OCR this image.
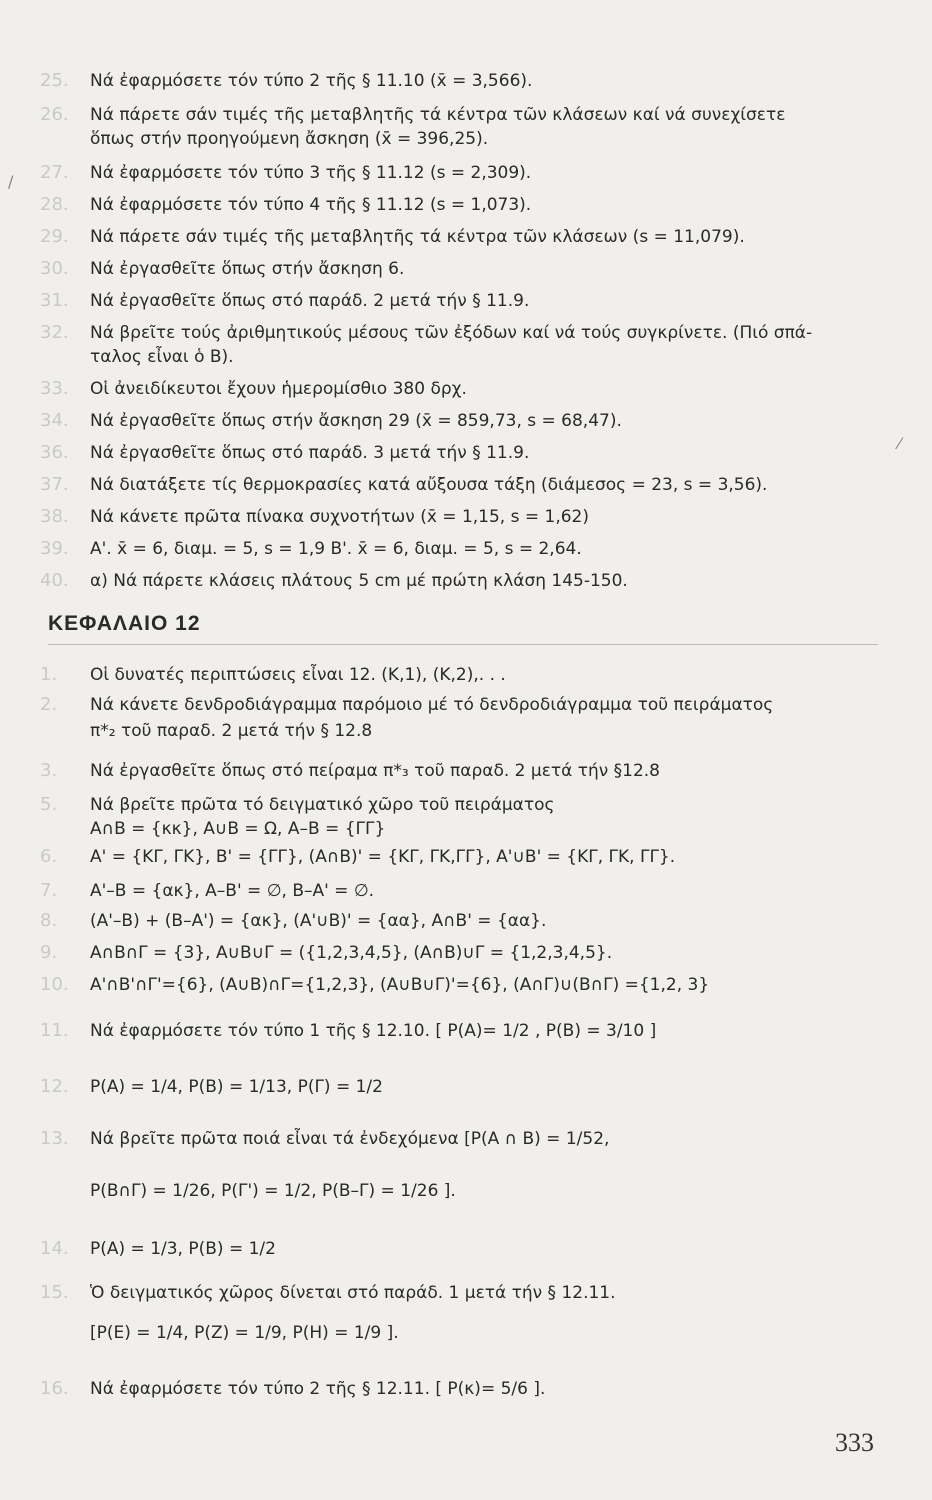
25.	Νά ἐφαρμόσετε τόν τύπο 2 τῆς § 11.10 (x̄ = 3,566).
26.	Νά πάρετε σάν τιμές τῆς μεταβλητῆς τά κέντρα τῶν κλάσεων καί νά συνεχίσετε
ὅπως στήν προηγούμενη ἄσκηση (x̄ = 396,25).
27.	Νά ἐφαρμόσετε τόν τύπο 3 τῆς § 11.12 (s = 2,309).
28.	Νά ἐφαρμόσετε τόν τύπο 4 τῆς § 11.12 (s = 1,073).
29.	Νά πάρετε σάν τιμές τῆς μεταβλητῆς τά κέντρα τῶν κλάσεων (s = 11,079).
30.	Νά ἐργασθεῖτε ὅπως στήν ἄσκηση 6.
31.	Νά ἐργασθεῖτε ὅπως στό παράδ. 2 μετά τήν § 11.9.
32.	Νά βρεῖτε τούς ἀριθμητικούς μέσους τῶν ἐξόδων καί νά τούς συγκρίνετε. (Πιό σπά-
ταλος εἶναι ὁ Β).
33.	Οἱ ἀνειδίκευτοι ἔχουν ἡμερομίσθιο 380 δρχ.
34.	Νά ἐργασθεῖτε ὅπως στήν ἄσκηση 29 (x̄ = 859,73, s = 68,47).
36.	Νά ἐργασθεῖτε ὅπως στό παράδ. 3 μετά τήν § 11.9.
37.	Νά διατάξετε τίς θερμοκρασίες κατά αὔξουσα τάξη (διάμεσος = 23, s = 3,56).
38.	Νά κάνετε πρῶτα πίνακα συχνοτήτων (x̄ = 1,15, s = 1,62)
39.	Α'. x̄ = 6, διαμ. = 5, s = 1,9 Β'. x̄ = 6, διαμ. = 5, s = 2,64.
40.	α) Νά πάρετε κλάσεις πλάτους 5 cm μέ πρώτη κλάση 145-150.
ΚΕΦΑΛΑΙΟ 12
1.	Οἱ δυνατές περιπτώσεις εἶναι 12. (Κ,1), (Κ,2),. . .
2.	Νά κάνετε δενδροδιάγραμμα παρόμοιο μέ τό δενδροδιάγραμμα τοῦ πειράματος
π*₂ τοῦ παραδ. 2 μετά τήν § 12.8
3.	Νά ἐργασθεῖτε ὅπως στό πείραμα π*₃ τοῦ παραδ. 2 μετά τήν §12.8
5.	Νά βρεῖτε πρῶτα τό δειγματικό χῶρο τοῦ πειράματος
Α∩Β = {κκ}, Α∪Β = Ω, Α–Β = {ΓΓ}
6.	Α' = {ΚΓ, ΓΚ}, Β' = {ΓΓ}, (Α∩Β)' = {ΚΓ, ΓΚ,ΓΓ}, Α'∪Β' = {ΚΓ, ΓΚ, ΓΓ}.
7.	Α'–Β = {ακ}, Α–Β' = ∅, Β–Α' = ∅.
8.	(Α'–Β) + (Β–Α') = {ακ}, (Α'∪Β)' = {αα}, Α∩Β' = {αα}.
9.	Α∩Β∩Γ = {3}, Α∪Β∪Γ = ({1,2,3,4,5}, (Α∩Β)∪Γ = {1,2,3,4,5}.
10.	Α'∩Β'∩Γ'={6}, (Α∪Β)∩Γ={1,2,3}, (Α∪Β∪Γ)'={6}, (Α∩Γ)∪(Β∩Γ) ={1,2, 3}
11.	Νά ἐφαρμόσετε τόν τύπο 1 τῆς § 12.10. [ P(A)= 1/2 , P(B) = 3/10 ]
12.	P(A) = 1/4, P(B) = 1/13, P(Γ) = 1/2
13.	Νά βρεῖτε πρῶτα ποιά εἶναι τά ἐνδεχόμενα [P(A ∩ B) = 1/52,
P(B∩Γ) = 1/26, P(Γ') = 1/2, P(B–Γ) = 1/26 ].
14.	P(A) = 1/3, P(B) = 1/2
15.	Ὁ δειγματικός χῶρος δίνεται στό παράδ. 1 μετά τήν § 12.11.
[P(E) = 1/4, P(Z) = 1/9, P(H) = 1/9 ].
16.	Νά ἐφαρμόσετε τόν τύπο 2 τῆς § 12.11. [ P(κ)= 5/6 ].
333
/
⁄
